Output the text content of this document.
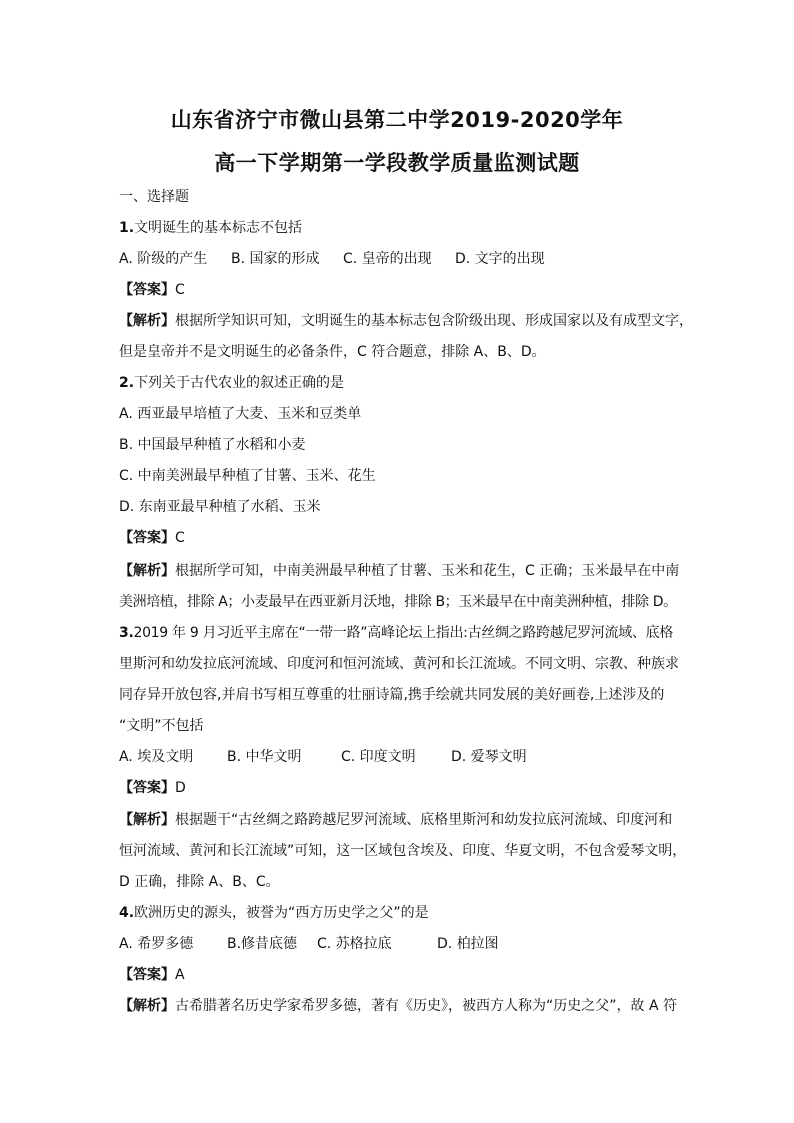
山东省济宁市微山县第二中学2019-2020学年
高一下学期第一学段教学质量监测试题

一、选择题

1.文明诞生的基本标志不包括

A. 阶级的产生 B. 国家的形成 C. 皇帝的出现 D. 文字的出现

【答案】C

【解析】根据所学知识可知，文明诞生的基本标志包含阶级出现、形成国家以及有成型文字，

但是皇帝并不是文明诞生的必备条件，C 符合题意，排除 A、B、D。

2.下列关于古代农业的叙述正确的是

A. 西亚最早培植了大麦、玉米和豆类单

B. 中国最早种植了水稻和小麦

C. 中南美洲最早种植了甘薯、玉米、花生

D. 东南亚最早种植了水稻、玉米

【答案】C

【解析】根据所学可知，中南美洲最早种植了甘薯、玉米和花生，C 正确；玉米最早在中南

美洲培植，排除 A；小麦最早在西亚新月沃地，排除 B；玉米最早在中南美洲种植，排除 D。

3.2019 年 9 月习近平主席在“一带一路”高峰论坛上指出:古丝绸之路跨越尼罗河流域、底格

里斯河和幼发拉底河流域、印度河和恒河流域、黄河和长江流域。不同文明、宗教、种族求

同存异开放包容,并肩书写相互尊重的壮丽诗篇,携手绘就共同发展的美好画卷,上述涉及的

“文明”不包括

A. 埃及文明 B. 中华文明	C. 印度文明	D. 爱琴文明

【答案】D

【解析】根据题干“古丝绸之路跨越尼罗河流域、底格里斯河和幼发拉底河流域、印度河和

恒河流域、黄河和长江流域”可知，这一区域包含埃及、印度、华夏文明，不包含爱琴文明，

D 正确，排除 A、B、C。

4.欧洲历史的源头，被誉为“西方历史学之父”的是

A. 希罗多德 B.修昔底德 C. 苏格拉底	D. 柏拉图

【答案】A

【解析】古希腊著名历史学家希罗多德，著有《历史》，被西方人称为“历史之父”，故 A 符
